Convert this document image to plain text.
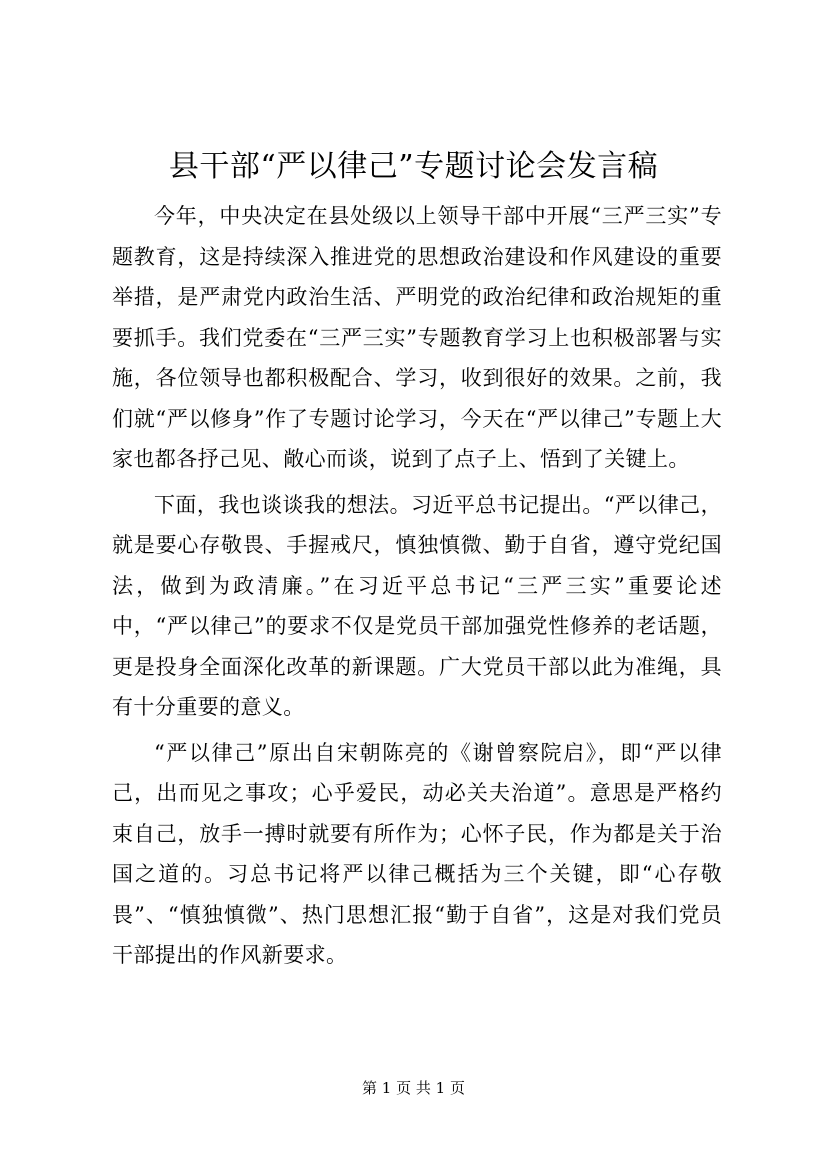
县干部“严以律己”专题讨论会发言稿

今年，中央决定在县处级以上领导干部中开展“三严三实”专题教育，这是持续深入推进党的思想政治建设和作风建设的重要举措，是严肃党内政治生活、严明党的政治纪律和政治规矩的重要抓手。我们党委在“三严三实”专题教育学习上也积极部署与实施，各位领导也都积极配合、学习，收到很好的效果。之前，我们就“严以修身”作了专题讨论学习，今天在“严以律己”专题上大家也都各抒己见、敞心而谈，说到了点子上、悟到了关键上。

下面，我也谈谈我的想法。习近平总书记提出。“严以律己，就是要心存敬畏、手握戒尺，慎独慎微、勤于自省，遵守党纪国法，做到为政清廉。”在习近平总书记“三严三实”重要论述中，“严以律己”的要求不仅是党员干部加强党性修养的老话题，更是投身全面深化改革的新课题。广大党员干部以此为准绳，具有十分重要的意义。

“严以律己”原出自宋朝陈亮的《谢曾察院启》，即“严以律己，出而见之事攻；心乎爱民，动必关夫治道”。意思是严格约束自己，放手一搏时就要有所作为；心怀子民，作为都是关于治国之道的。习总书记将严以律己概括为三个关键，即“心存敬畏”、“慎独慎微”、热门思想汇报“勤于自省”，这是对我们党员干部提出的作风新要求。

第 1 页 共 1 页
